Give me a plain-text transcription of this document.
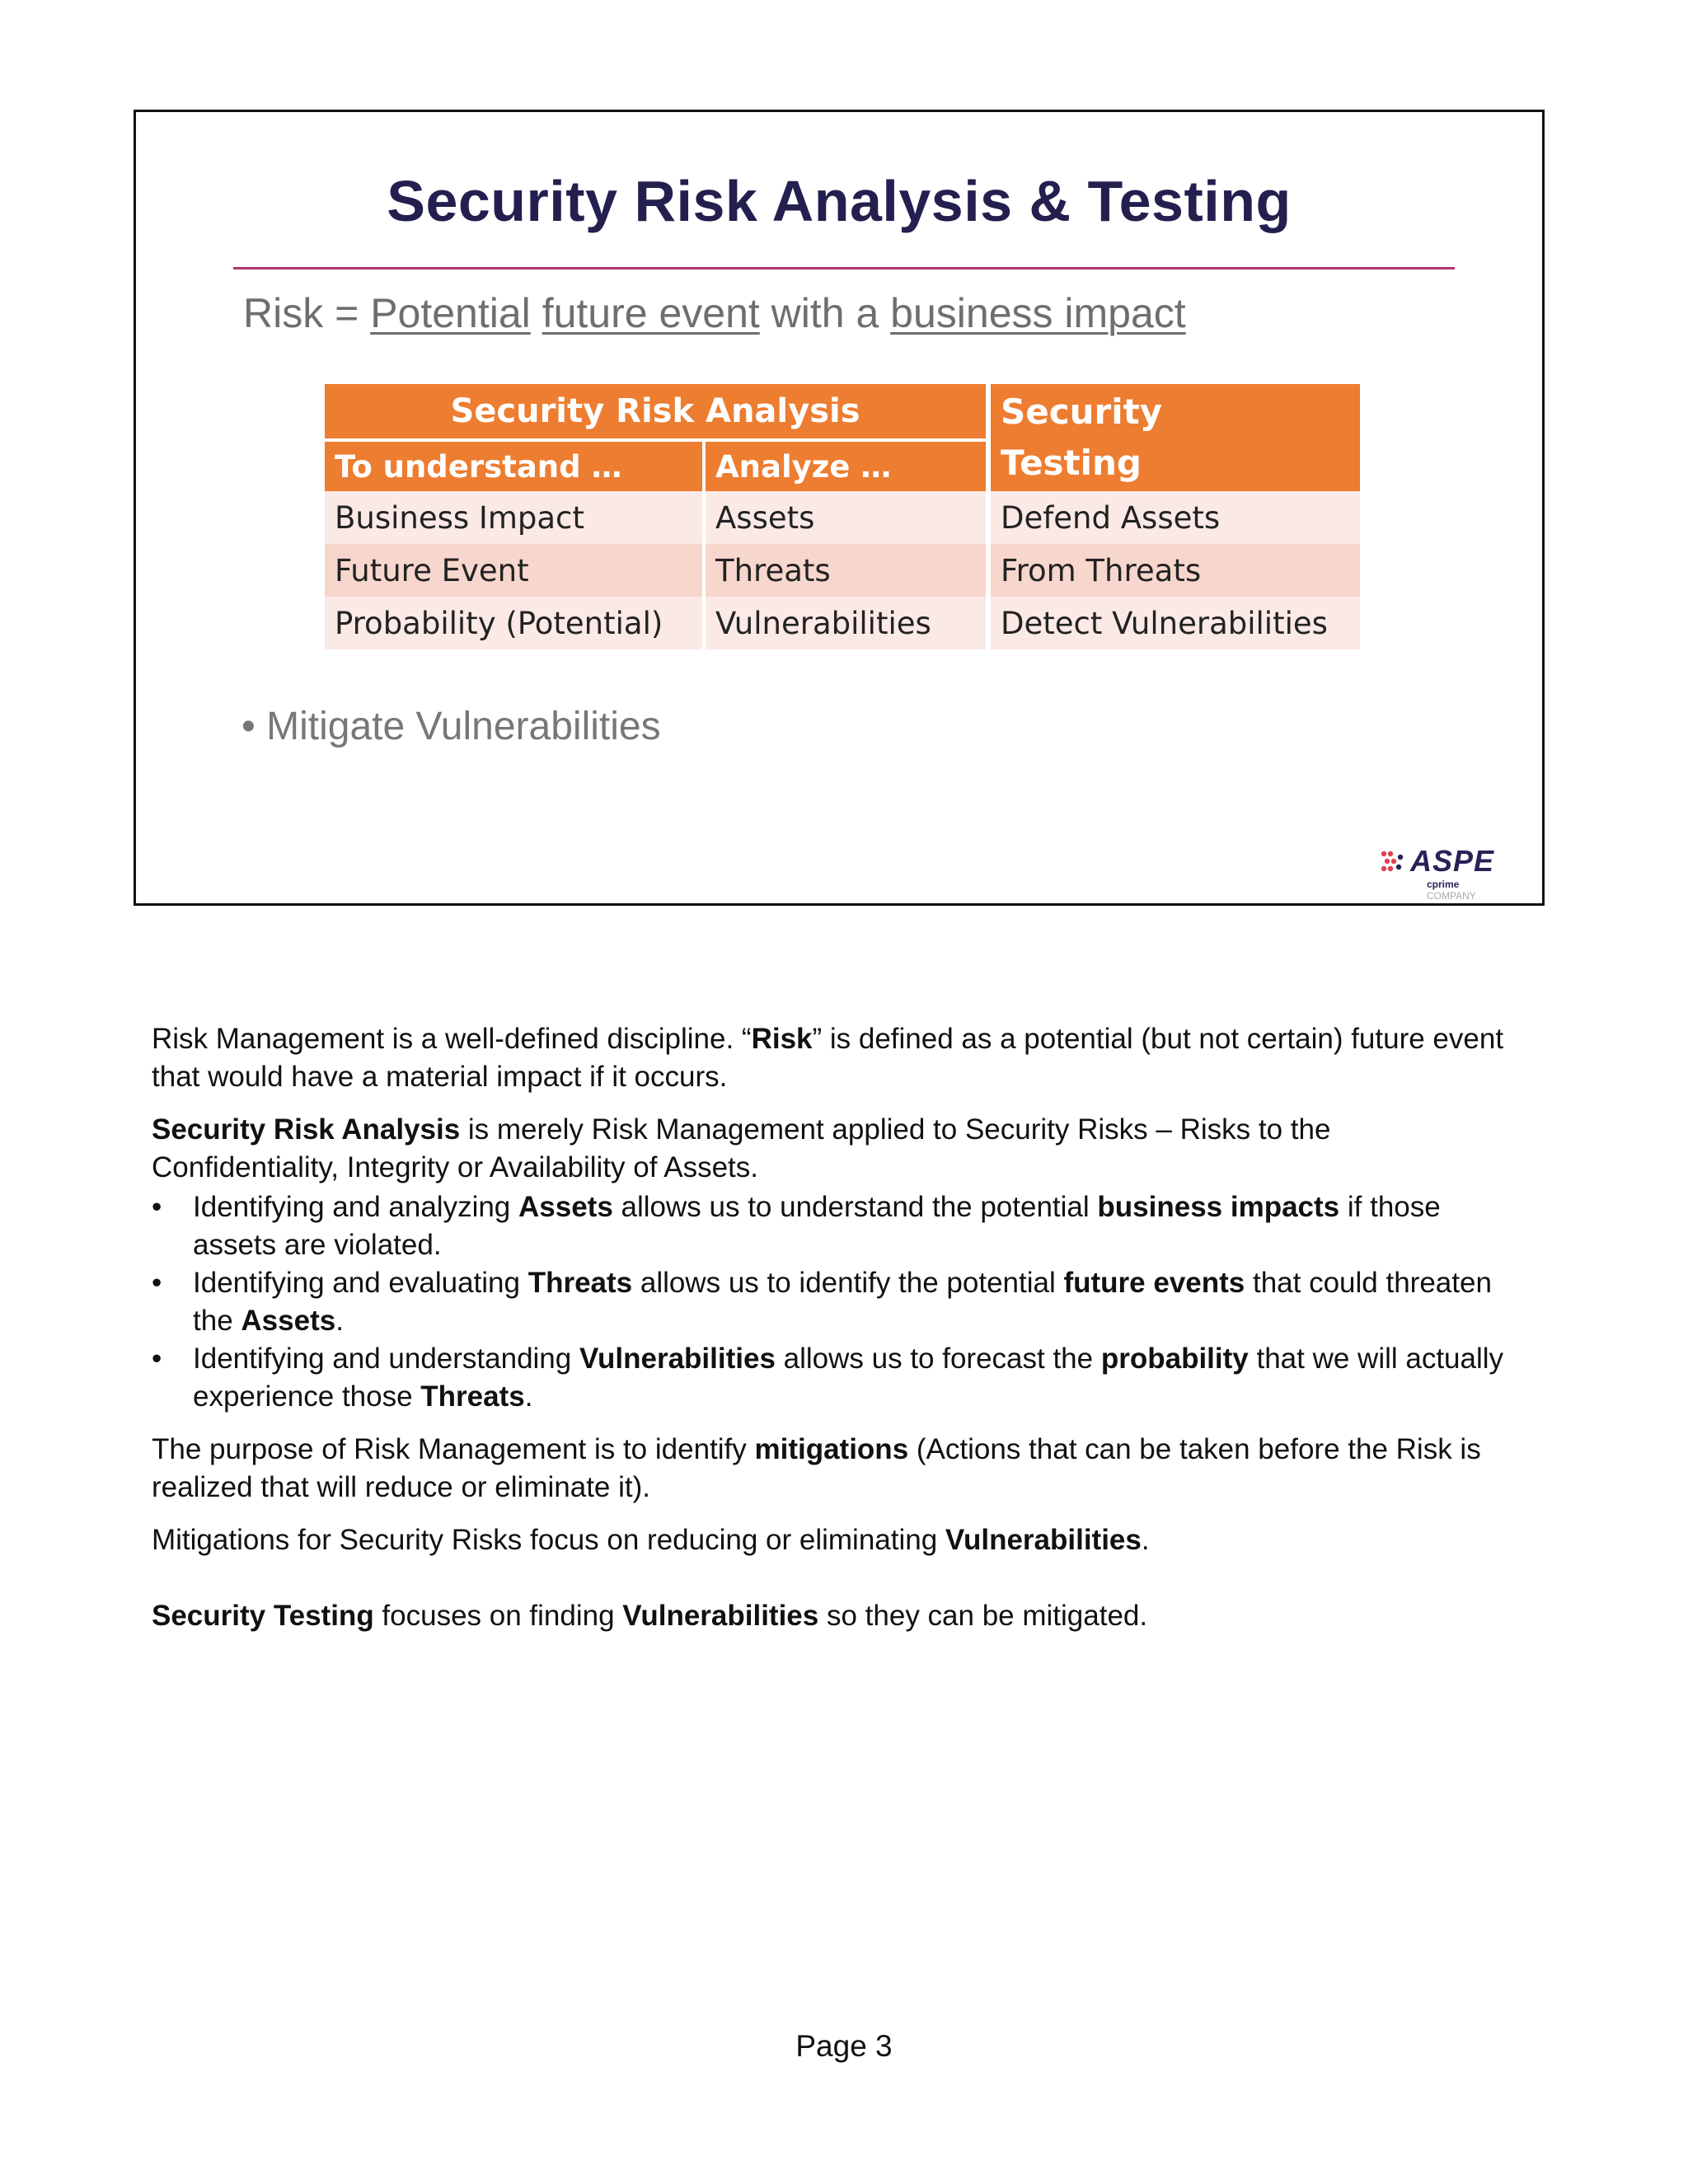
Security Risk Analysis & Testing
Risk = Potential future event with a business impact
Security Risk Analysis		Security
Testing
To understand …	Analyze …	
Business Impact	Assets	Defend Assets
Future Event	Threats	From Threats
Probability (Potential)	Vulnerabilities	Detect Vulnerabilities
• Mitigate Vulnerabilities
ASPE
cprime COMPANY

Risk Management is a well-defined discipline. “Risk” is defined as a potential (but not certain) future event that would have a material impact if it occurs.

Security Risk Analysis is merely Risk Management applied to Security Risks – Risks to the Confidentiality, Integrity or Availability of Assets.

• Identifying and analyzing Assets allows us to understand the potential business impacts if those assets are violated.
• Identifying and evaluating Threats allows us to identify the potential future events that could threaten the Assets.
• Identifying and understanding Vulnerabilities allows us to forecast the probability that we will actually experience those Threats.

The purpose of Risk Management is to identify mitigations (Actions that can be taken before the Risk is realized that will reduce or eliminate it).

Mitigations for Security Risks focus on reducing or eliminating Vulnerabilities.

Security Testing focuses on finding Vulnerabilities so they can be mitigated.

Page 3
